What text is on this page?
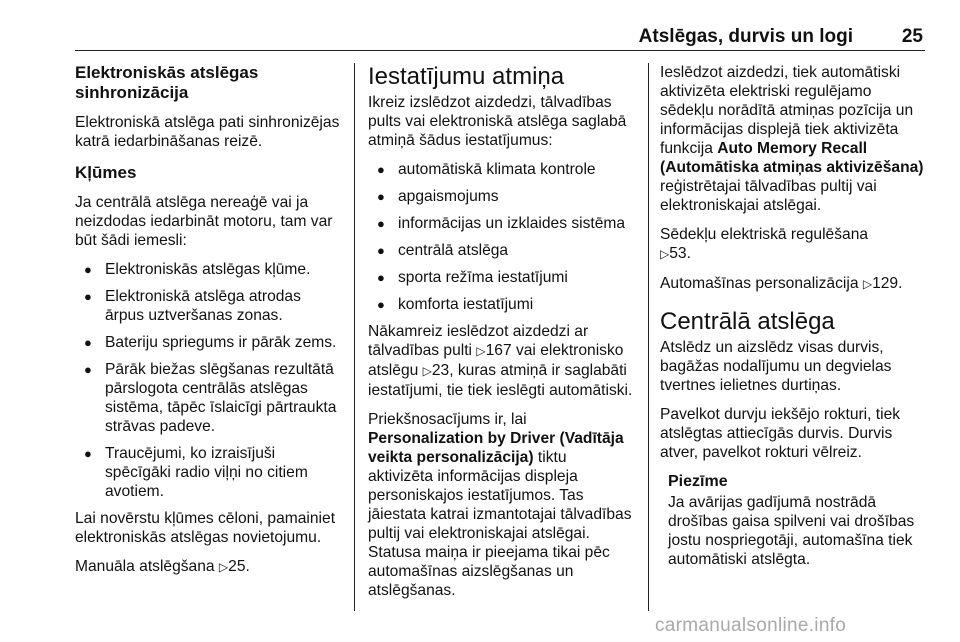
Atslēgas, durvis un logi	25
Elektroniskās atslēgas sinhronizācija

Elektroniskā atslēga pati sinhronizējas katrā iedarbināšanas reizē.

Kļūmes

Ja centrālā atslēga nereaģē vai ja neizdodas iedarbināt motoru, tam var būt šādi iemesli:

● Elektroniskās atslēgas kļūme.
● Elektroniskā atslēga atrodas ārpus uztveršanas zonas.
● Bateriju spriegums ir pārāk zems.
● Pārāk biežas slēgšanas rezultātā pārslogota centrālās atslēgas sistēma, tāpēc īslaicīgi pārtraukta strāvas padeve.
● Traucējumi, ko izraisījuši spēcīgāki radio viļņi no citiem avotiem.

Lai novērstu kļūmes cēloni, pamainiet elektroniskās atslēgas novietojumu.

Manuāla atslēgšana ▷ 25.

Iestatījumu atmiņa

Ikreiz izslēdzot aizdedzi, tālvadības pults vai elektroniskā atslēga saglabā atmiņā šādus iestatījumus:

● automātiskā klimata kontrole
● apgaismojums
● informācijas un izklaides sistēma
● centrālā atslēga
● sporta režīma iestatījumi
● komforta iestatījumi

Nākamreiz ieslēdzot aizdedzi ar tālvadības pulti ▷ 167 vai elektronisko atslēgu ▷ 23, kuras atmiņā ir saglabāti iestatījumi, tie tiek ieslēgti automātiski.

Priekšnosacījums ir, lai Personalization by Driver (Vadītāja veikta personalizācija) tiktu aktivizēta informācijas displeja personiskajos iestatījumos. Tas jāiestata katrai izmantotajai tālvadības pultij vai elektroniskajai atslēgai. Statusa maiņa ir pieejama tikai pēc automašīnas aizslēgšanas un atslēgšanas.

Ieslēdzot aizdedzi, tiek automātiski aktivizēta elektriski regulējamo sēdekļu norādītā atmiņas pozīcija un informācijas displejā tiek aktivizēta funkcija Auto Memory Recall (Automātiska atmiņas aktivizēšana) reģistrētajai tālvadības pultij vai elektroniskajai atslēgai.

Sēdekļu elektriskā regulēšana
▷ 53.

Automašīnas personalizācija ▷ 129.

Centrālā atslēga

Atslēdz un aizslēdz visas durvis, bagāžas nodalījumu un degvielas tvertnes ielietnes durtiņas.

Pavelkot durvju iekšējo rokturi, tiek atslēgtas attiecīgās durvis. Durvis atver, pavelkot rokturi vēlreiz.

Piezīme
Ja avārijas gadījumā nostrādā drošības gaisa spilveni vai drošības jostu nospriegotāji, automašīna tiek automātiski atslēgta.
carmanualsonline.info
